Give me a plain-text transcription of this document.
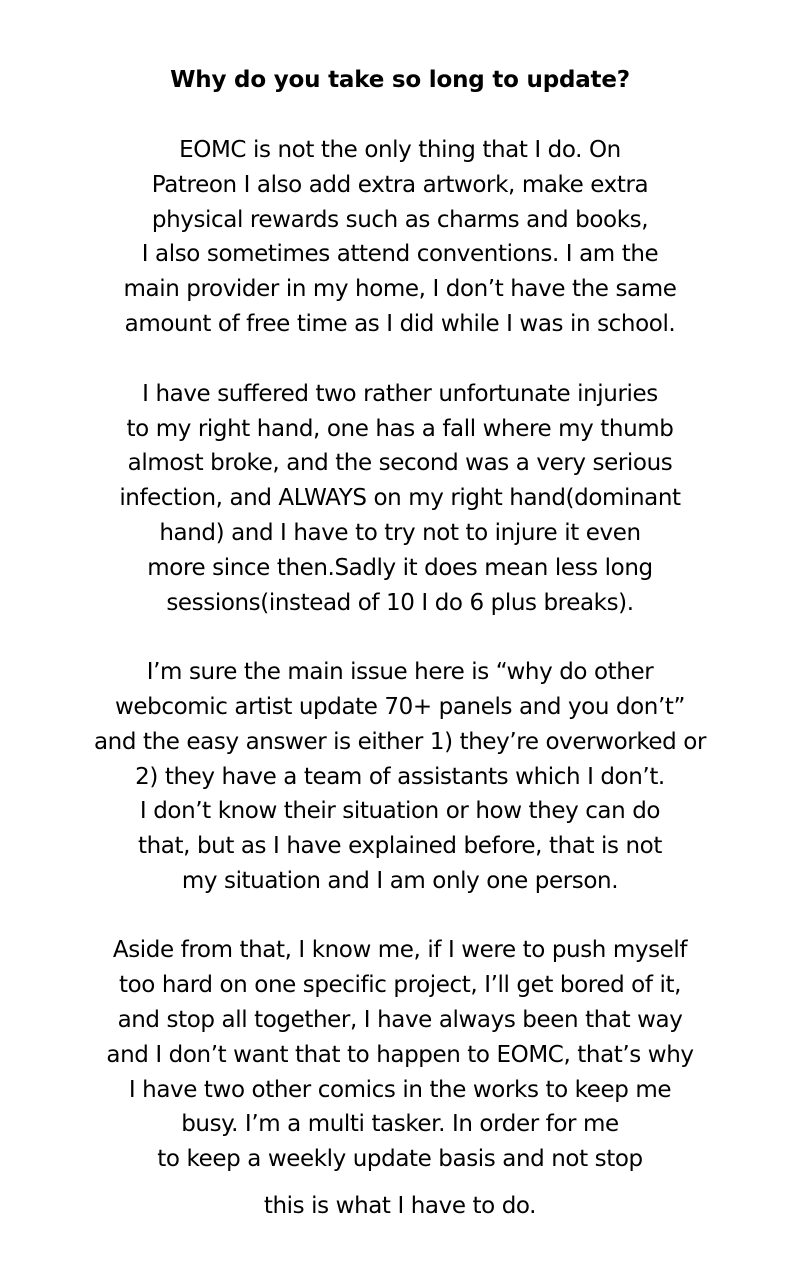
Why do you take so long to update?
EOMC is not the only thing that I do. On
Patreon I also add extra artwork, make extra
physical rewards such as charms and books,
I also sometimes attend conventions. I am the
main provider in my home, I don’t have the same
amount of free time as I did while I was in school.
I have suffered two rather unfortunate injuries
to my right hand, one has a fall where my thumb
almost broke, and the second was a very serious
infection, and ALWAYS on my right hand(dominant
hand) and I have to try not to injure it even
more since then.Sadly it does mean less long
sessions(instead of 10 I do 6 plus breaks).
I’m sure the main issue here is “why do other
webcomic artist update 70+ panels and you don’t”
and the easy answer is either 1) they’re overworked or
2) they have a team of assistants which I don’t.
I don’t know their situation or how they can do
that, but as I have explained before, that is not
my situation and I am only one person.
Aside from that, I know me, if I were to push myself
too hard on one specific project, I’ll get bored of it,
and stop all together, I have always been that way
and I don’t want that to happen to EOMC, that’s why
I have two other comics in the works to keep me
busy. I’m a multi tasker. In order for me
to keep a weekly update basis and not stop
this is what I have to do.
